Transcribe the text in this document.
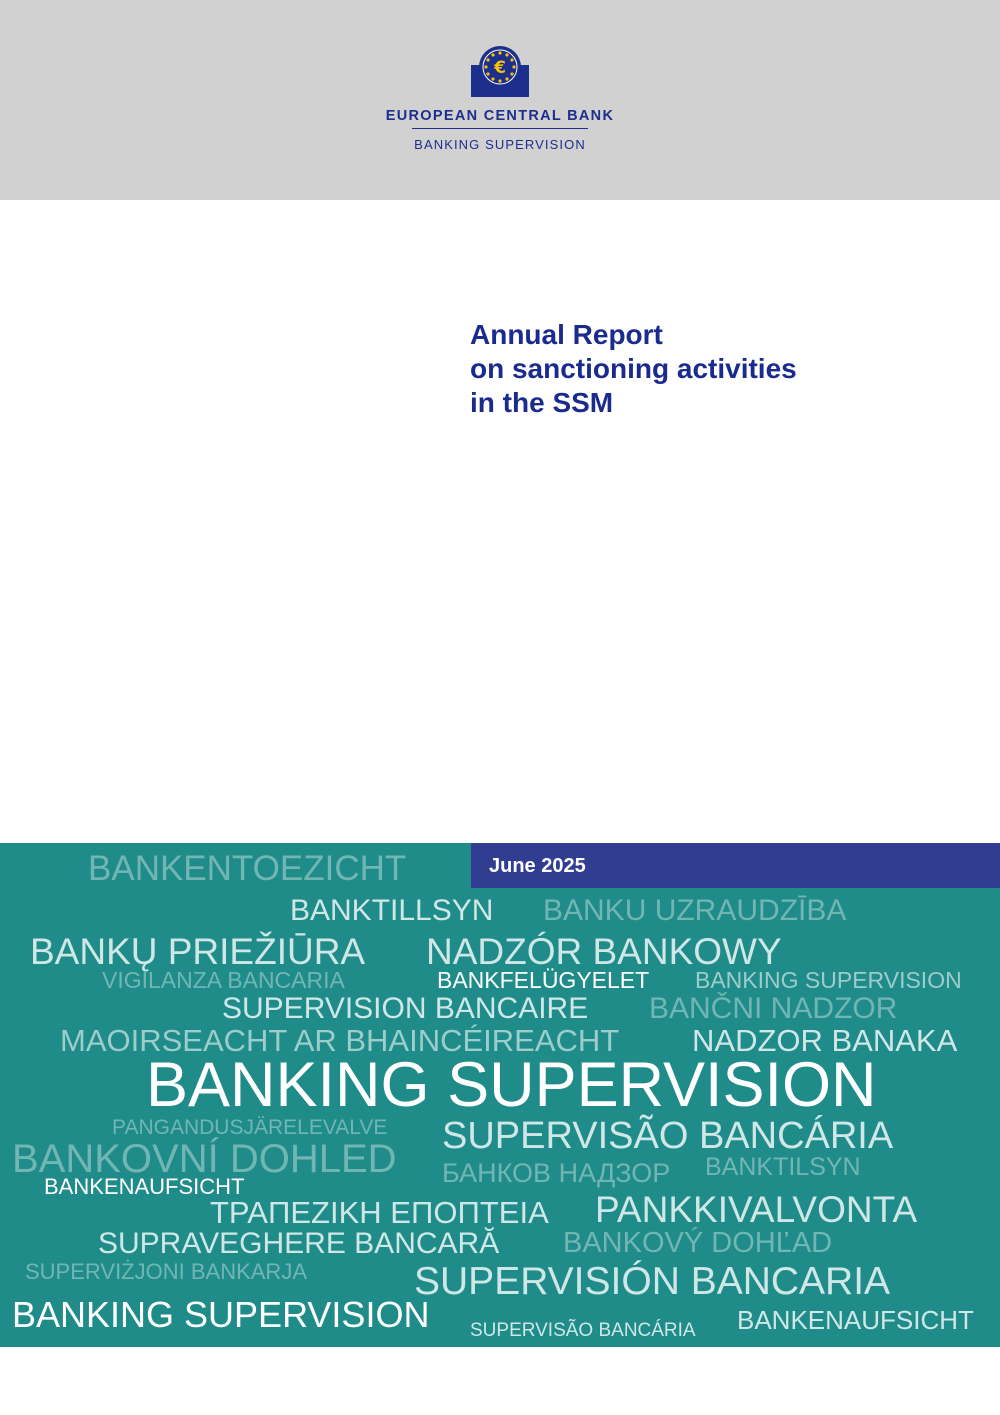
€
EUROPEAN CENTRAL BANK
BANKING SUPERVISION
Annual Report
on sanctioning activities
in the SSM
BANKENTOEZICHT	June 2025
BANKTILLSYN BANKU UZRAUDZĪBA
BANKŲ PRIEŽIŪRA NADZÓR BANKOWY
VIGILANZA BANCARIA	BANKFELÜGYELET BANKING SUPERVISION
SUPERVISION BANCAIRE BANČNI NADZOR
MAOIRSEACHT AR BHAINCÉIREACHT NADZOR BANAKA
BANKING SUPERVISION
PANGANDUSJÄRELEVALVE SUPERVISÃO BANCÁRIA
BANKOVNÍ DOHLED БАНКОВ НАДЗОР BANKTILSYN
BANKENAUFSICHT
ΤΡΑΠΕΖΙΚΗ ΕΠΟΠΤΕΙΑ PANKKIVALVONTA
SUPRAVEGHERE BANCARĂ BANKOVÝ DOHĽAD
SUPERVIŻJONI BANKARJA	SUPERVISIÓN BANCARIA
BANKING SUPERVISION SUPERVISÃO BANCÁRIA BANKENAUFSICHT
